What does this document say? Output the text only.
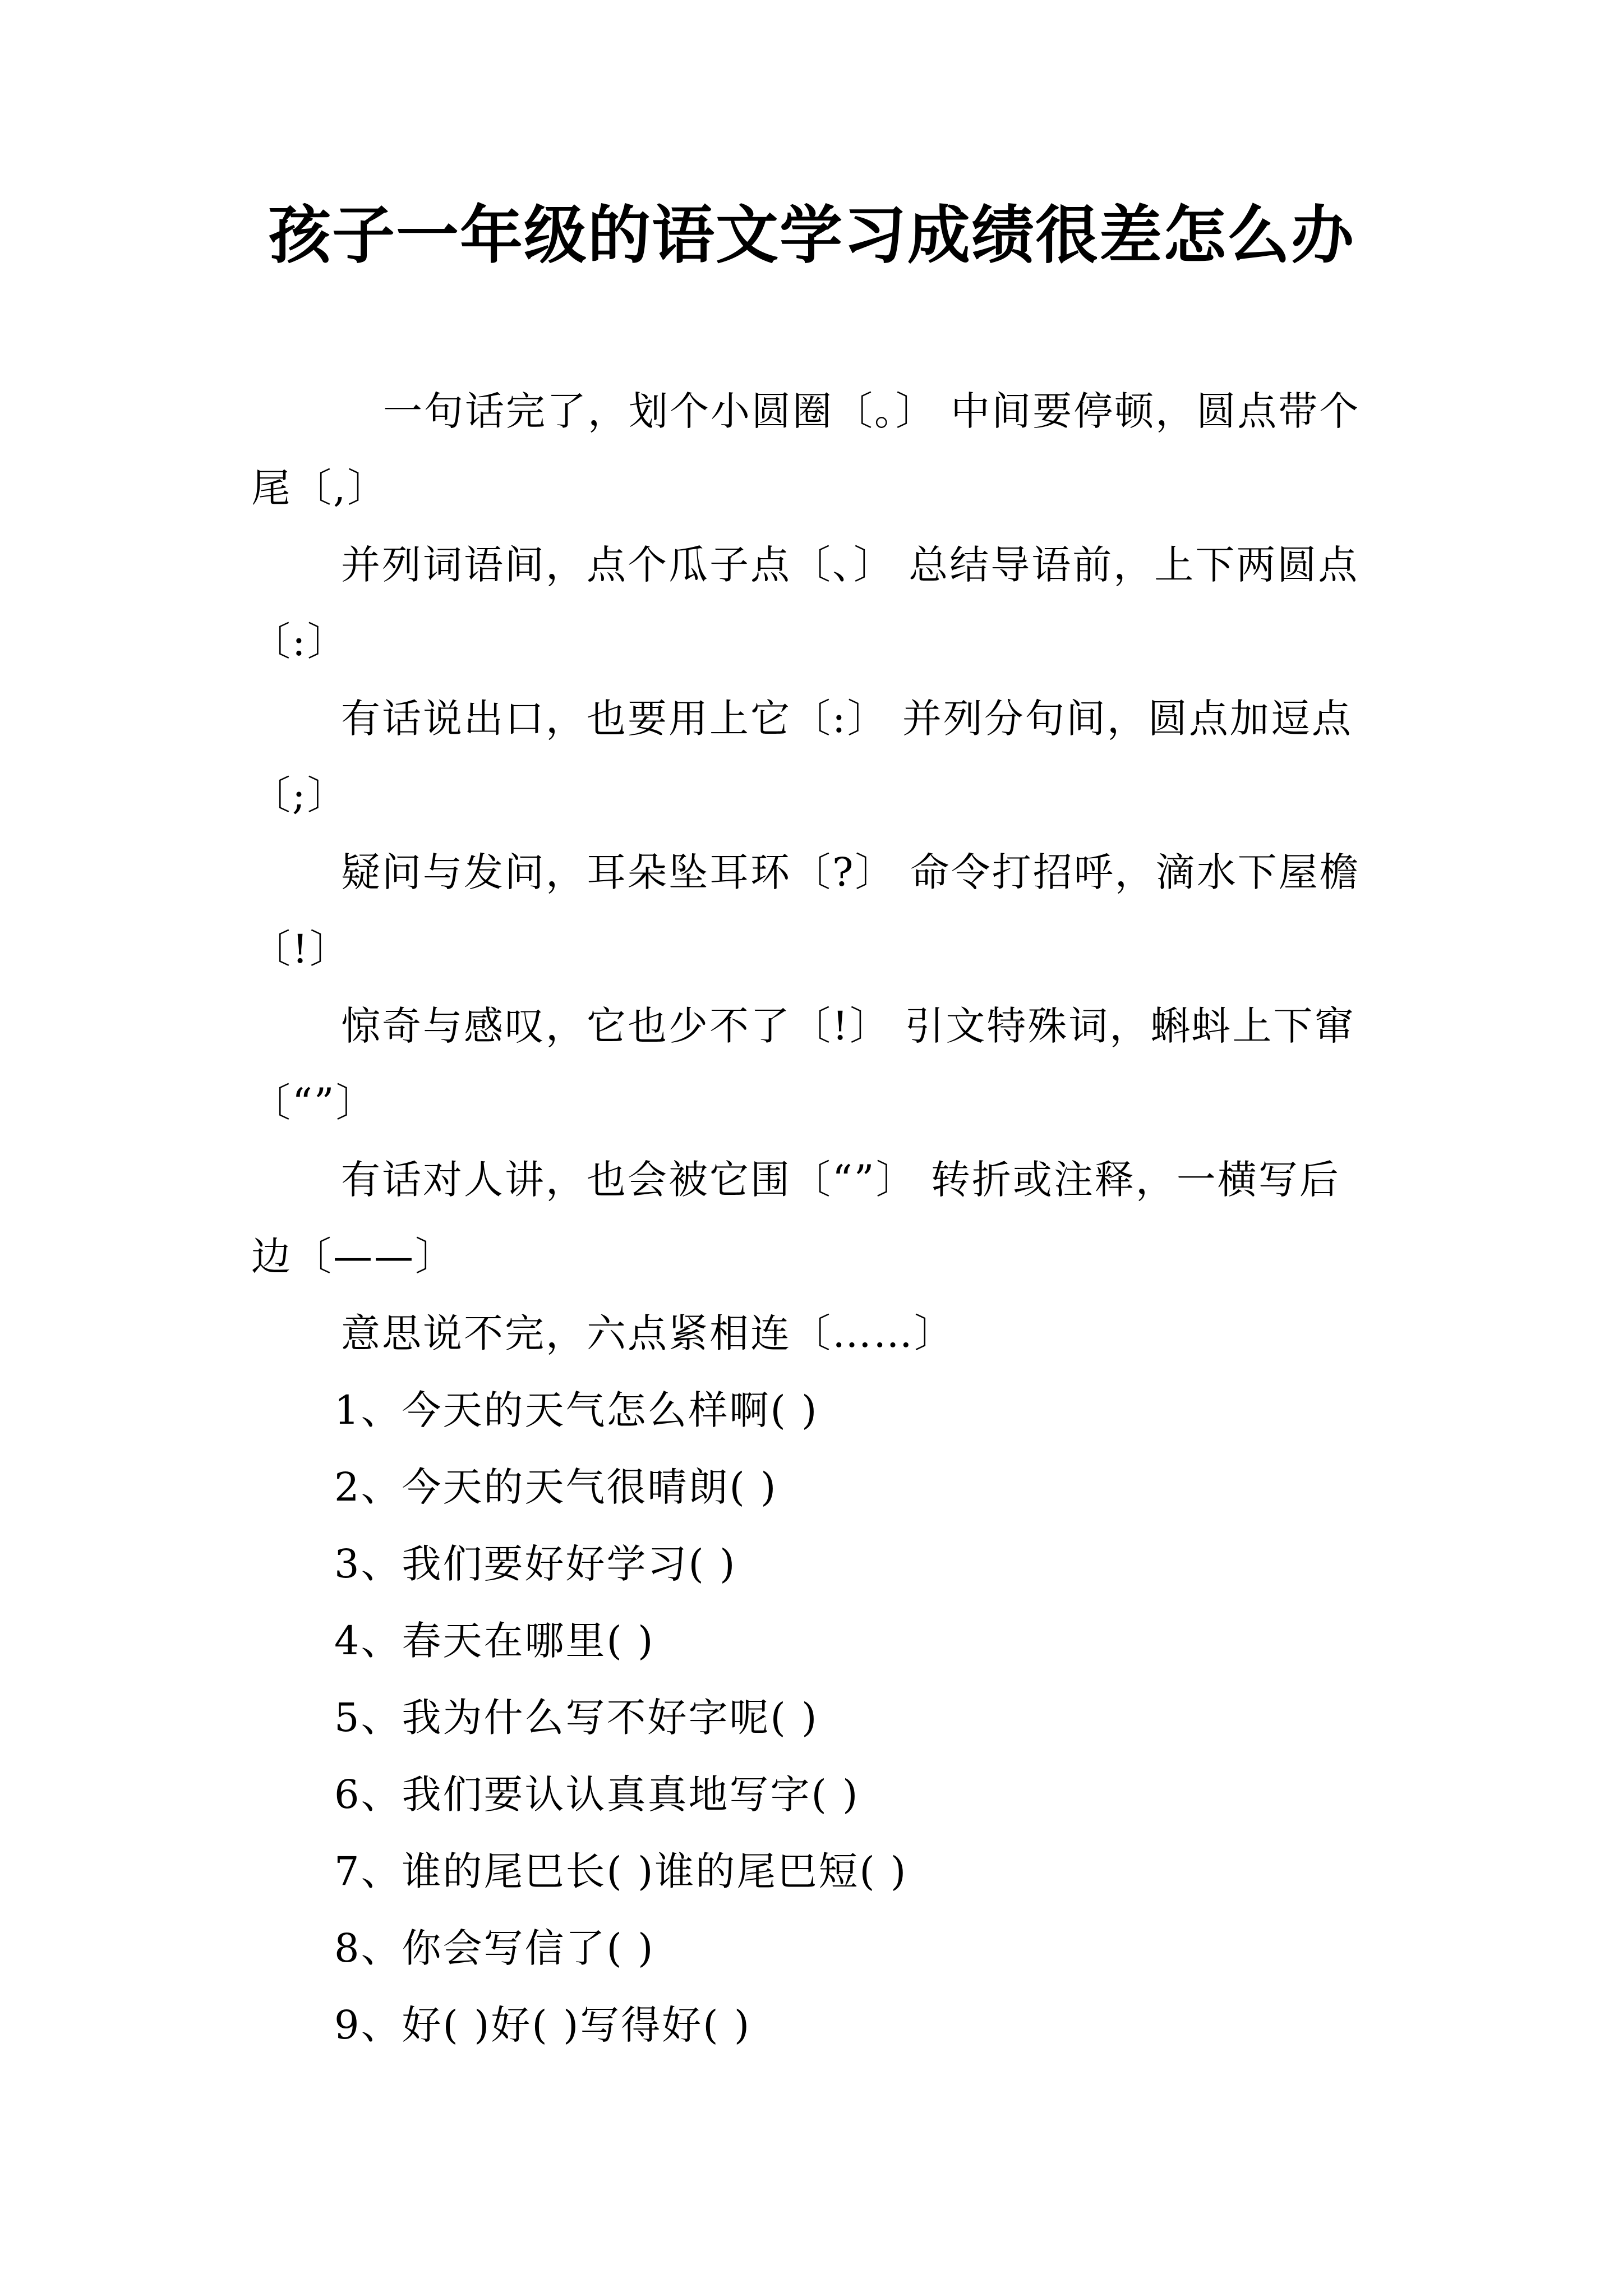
孩子一年级的语文学习成绩很差怎么办

一句话完了，划个小圆圈〔。〕 中间要停顿，圆点带个尾〔,〕

并列词语间，点个瓜子点〔、〕 总结导语前，上下两圆点〔:〕

有话说出口，也要用上它〔:〕 并列分句间，圆点加逗点〔;〕

疑问与发问，耳朵坠耳环〔?〕 命令打招呼，滴水下屋檐〔!〕

惊奇与感叹，它也少不了〔!〕 引文特殊词，蝌蚪上下窜〔“”〕

有话对人讲，也会被它围〔“”〕 转折或注释，一横写后边〔——〕

意思说不完，六点紧相连〔……〕

1、今天的天气怎么样啊( )

2、今天的天气很晴朗( )

3、我们要好好学习( )

4、春天在哪里( )

5、我为什么写不好字呢( )

6、我们要认认真真地写字( )

7、谁的尾巴长( )谁的尾巴短( )

8、你会写信了( )

9、好( )好( )写得好( )
